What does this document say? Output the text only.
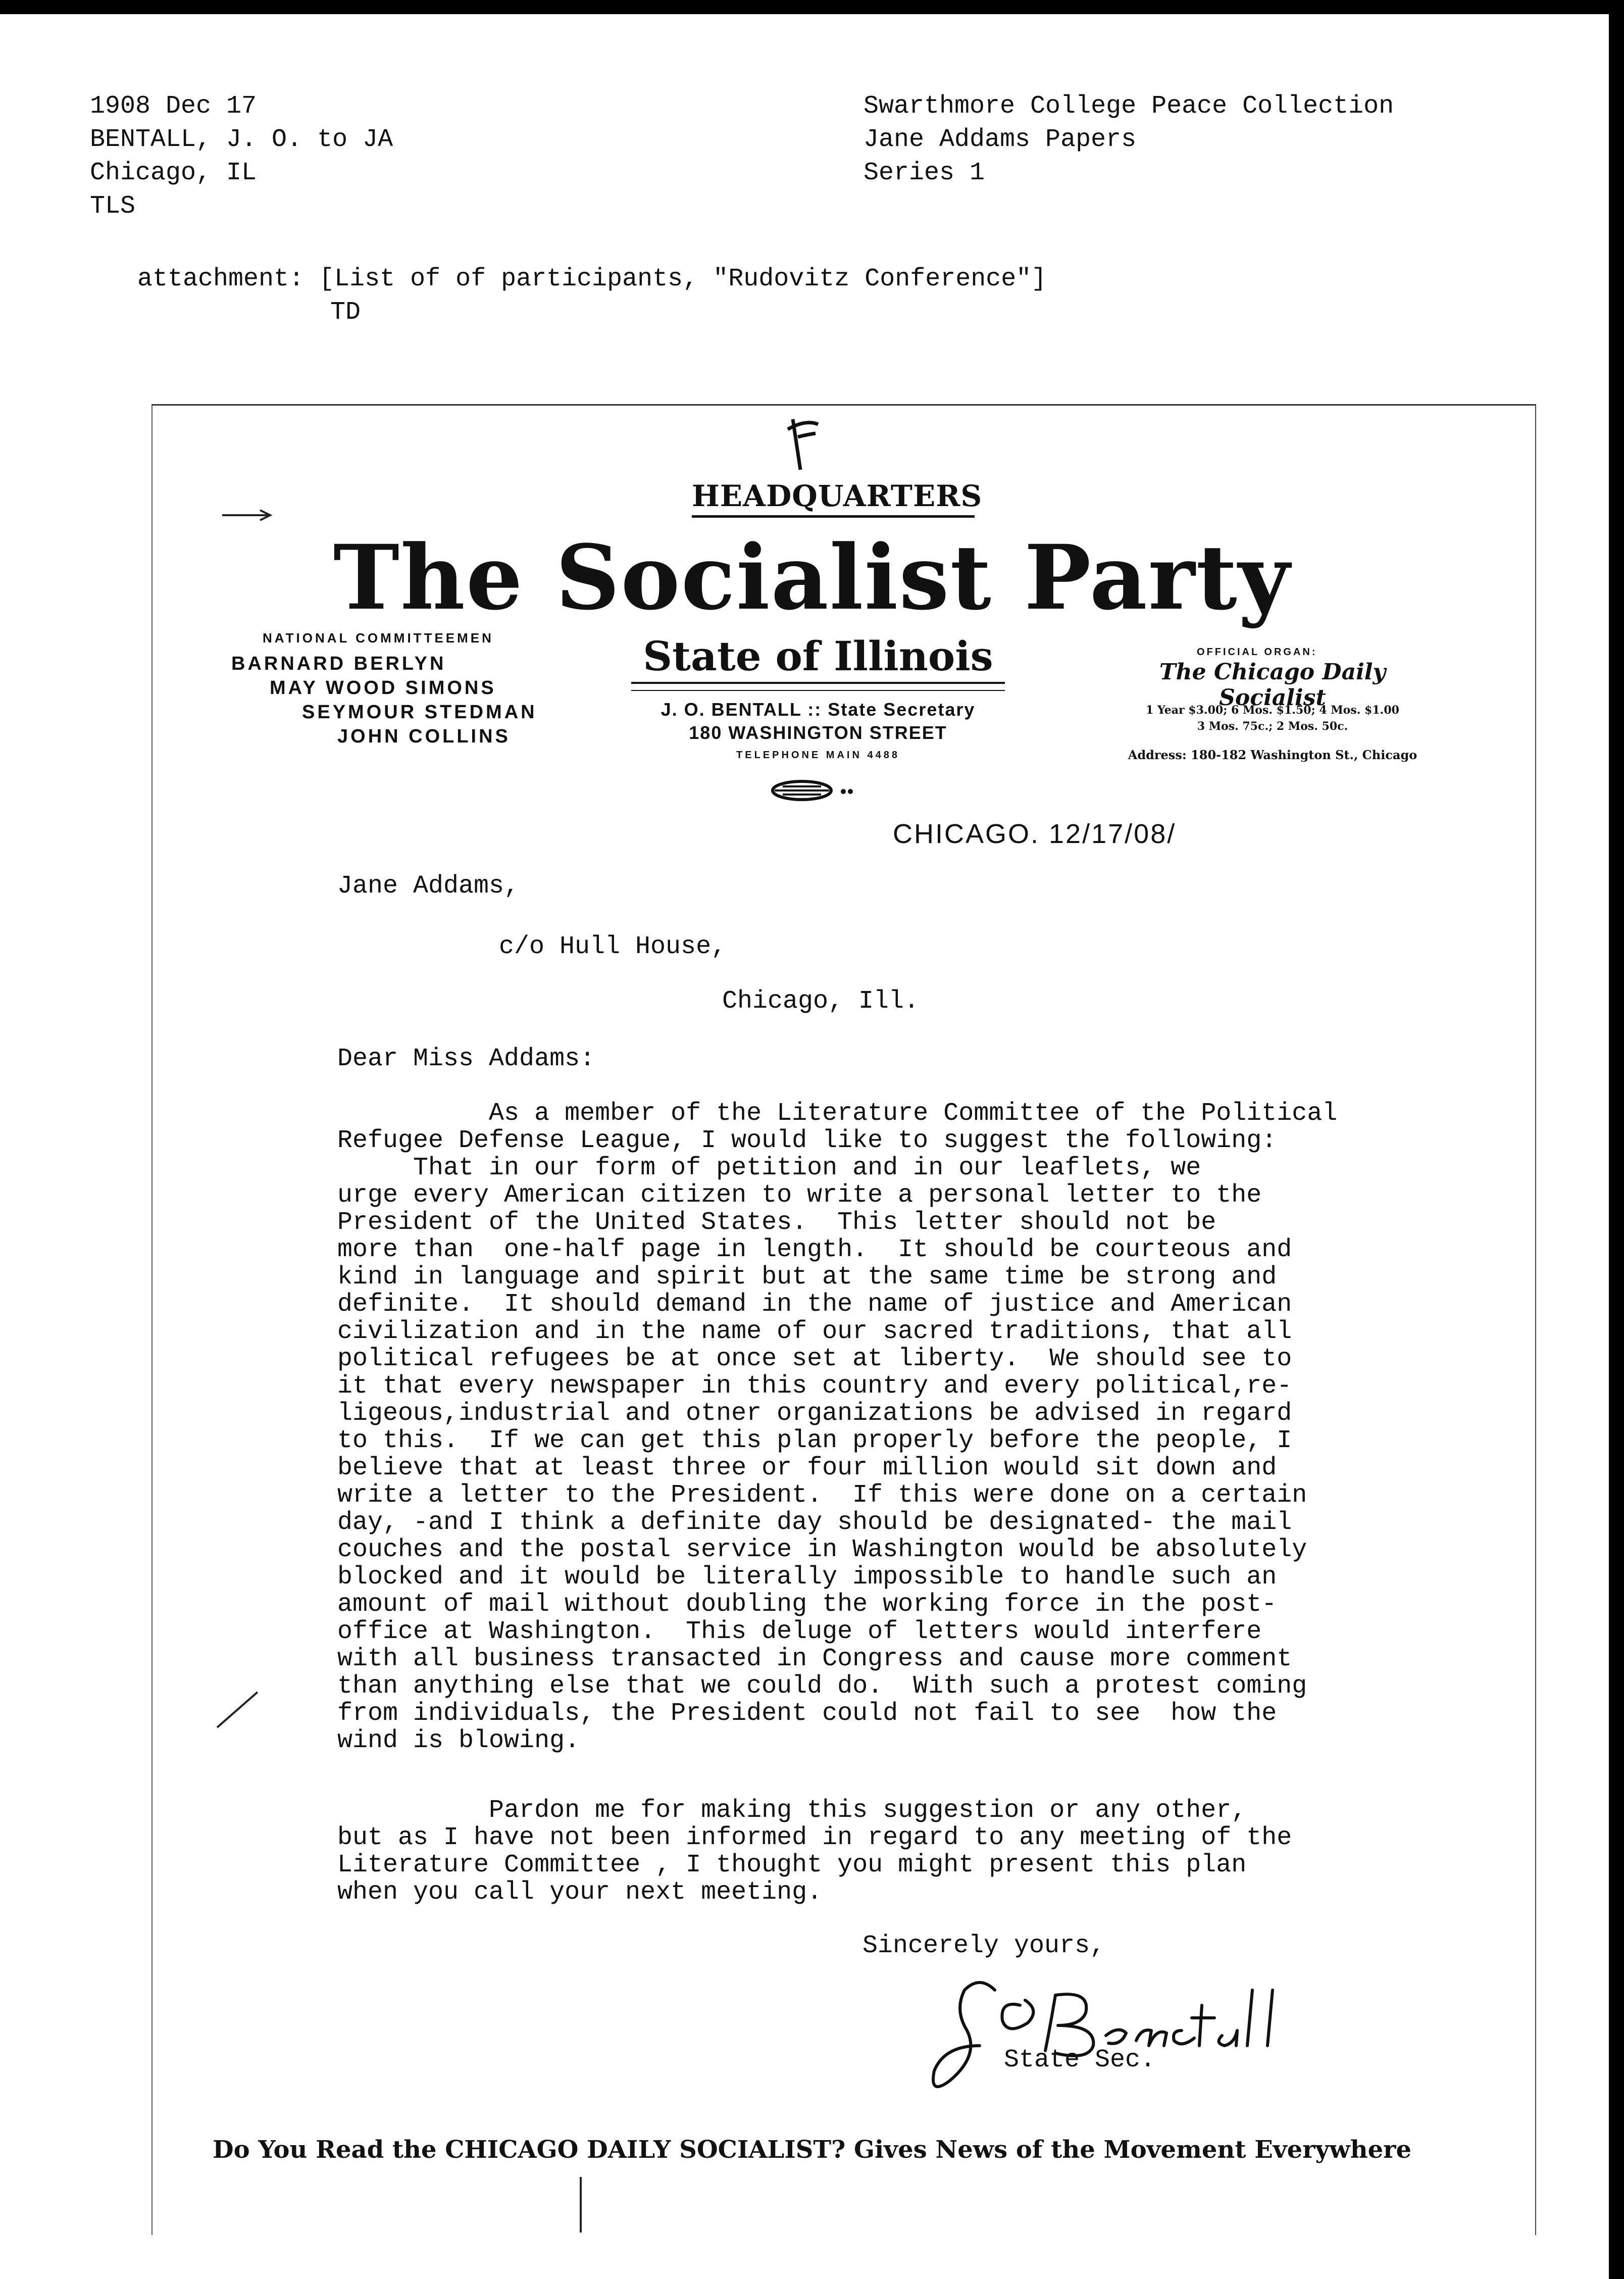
1908 Dec 17
BENTALL, J. O. to JA
Chicago, IL
TLS
Swarthmore College Peace Collection
Jane Addams Papers
Series 1
attachment: [List of of participants, "Rudovitz Conference"]
TD
HEADQUARTERS
The Socialist Party
NATIONAL COMMITTEEMEN
BARNARD BERLYN
MAY WOOD SIMONS
SEYMOUR STEDMAN
JOHN COLLINS
State of Illinois
J. O. BENTALL :: State Secretary
180 WASHINGTON STREET
TELEPHONE MAIN 4488
OFFICIAL ORGAN:
The Chicago Daily Socialist
1 Year $3.00; 6 Mos. $1.50; 4 Mos. $1.00
3 Mos. 75c.; 2 Mos. 50c.
Address: 180-182 Washington St., Chicago
CHICAGO. 12/17/08/
Jane Addams,
c/o Hull House,
Chicago, Ill.
Dear Miss Addams:
As a member of the Literature Committee of the Political
Refugee Defense League, I would like to suggest the following:
That in our form of petition and in our leaflets, we
urge every American citizen to write a personal letter to the
President of the United States.  This letter should not be
more than  one-half page in length.  It should be courteous and
kind in language and spirit but at the same time be strong and
definite.  It should demand in the name of justice and American
civilization and in the name of our sacred traditions, that all
political refugees be at once set at liberty.  We should see to
it that every newspaper in this country and every political,re-
ligeous,industrial and otner organizations be advised in regard
to this.  If we can get this plan properly before the people, I
believe that at least three or four million would sit down and
write a letter to the President.  If this were done on a certain
day, -and I think a definite day should be designated- the mail
couches and the postal service in Washington would be absolutely
blocked and it would be literally impossible to handle such an
amount of mail without doubling the working force in the post-
office at Washington.  This deluge of letters would interfere
with all business transacted in Congress and cause more comment
than anything else that we could do.  With such a protest coming
from individuals, the President could not fail to see  how the
wind is blowing.
Pardon me for making this suggestion or any other,
but as I have not been informed in regard to any meeting of the
Literature Committee , I thought you might present this plan
when you call your next meeting.
Sincerely yours,
State Sec.
Do You Read the CHICAGO DAILY SOCIALIST? Gives News of the Movement Everywhere
